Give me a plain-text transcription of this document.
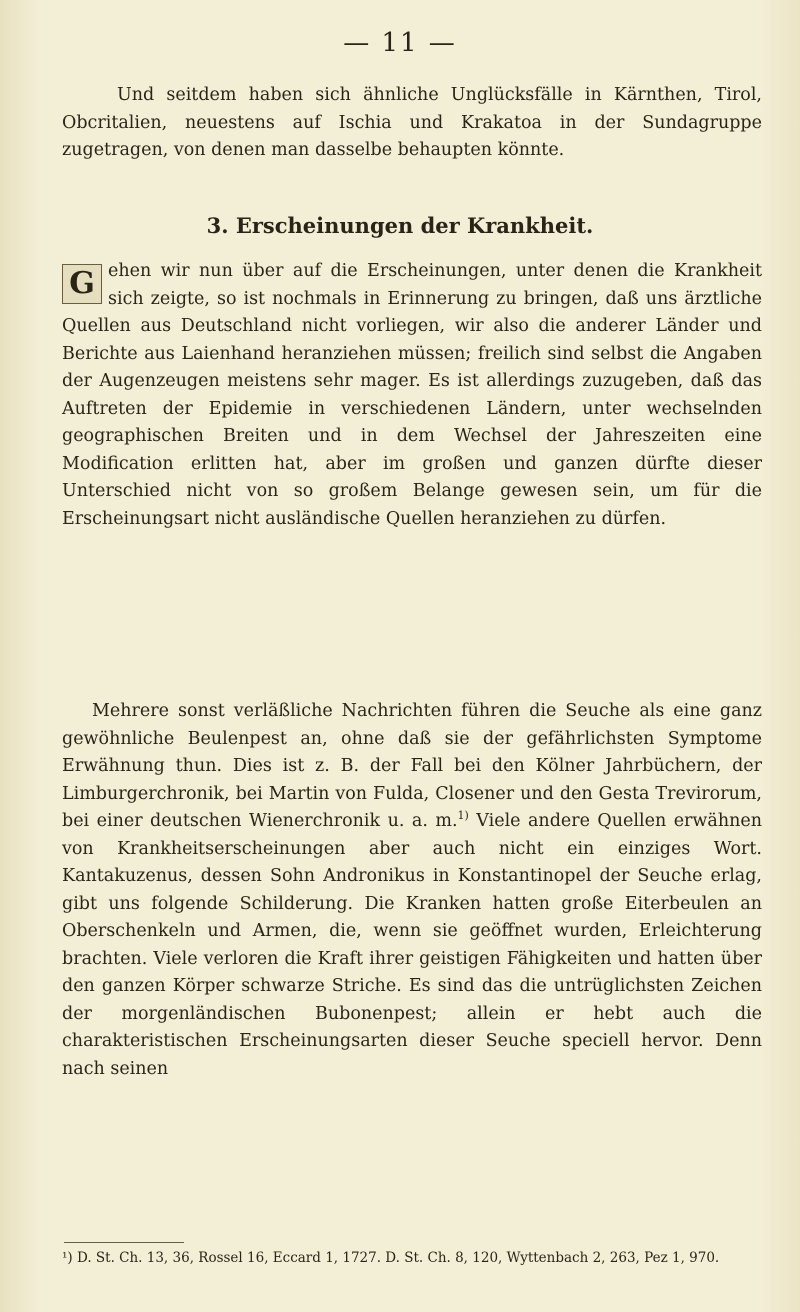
— 11 —
Und seitdem haben sich ähnliche Unglücksfälle in Kärnthen, Tirol, Obcritalien, neuestens auf Ischia und Krakatoa in der Sundagruppe zugetragen, von denen man dasselbe behaupten könnte.
3. Erscheinungen der Krankheit.
G ehen wir nun über auf die Erscheinungen, unter denen die Krankheit sich zeigte, so ist nochmals in Erinnerung zu bringen, daß uns ärztliche Quellen aus Deutschland nicht vorliegen, wir also die anderer Länder und Berichte aus Laienhand heranziehen müssen; freilich sind selbst die Angaben der Augenzeugen meistens sehr mager. Es ist allerdings zuzugeben, daß das Auftreten der Epidemie in verschiedenen Ländern, unter wechselnden geographischen Breiten und in dem Wechsel der Jahreszeiten eine Modification erlitten hat, aber im großen und ganzen dürfte dieser Unterschied nicht von so großem Belange gewesen sein, um für die Erscheinungsart nicht ausländische Quellen heranziehen zu dürfen.
Mehrere sonst verläßliche Nachrichten führen die Seuche als eine ganz gewöhnliche Beulenpest an, ohne daß sie der gefährlichsten Symptome Erwähnung thun. Dies ist z. B. der Fall bei den Kölner Jahrbüchern, der Limburgerchronik, bei Martin von Fulda, Closener und den Gesta Trevirorum, bei einer deutschen Wienerchronik u. a. m.$^{1)}$ Viele andere Quellen erwähnen von Krankheitserscheinungen aber auch nicht ein einziges Wort. Kantakuzenus, dessen Sohn Andronikus in Konstantinopel der Seuche erlag, gibt uns folgende Schilderung. Die Kranken hatten große Eiterbeulen an Oberschenkeln und Armen, die, wenn sie geöffnet wurden, Erleichterung brachten. Viele verloren die Kraft ihrer geistigen Fähigkeiten und hatten über den ganzen Körper schwarze Striche. Es sind das die untrüglichsten Zeichen der morgenländischen Bubonenpest; allein er hebt auch die charakteristischen Erscheinungsarten dieser Seuche speciell hervor. Denn nach seinen
¹) D. St. Ch. 13, 36, Rossel 16, Eccard 1, 1727. D. St. Ch. 8, 120, Wyttenbach 2, 263, Pez 1, 970.
